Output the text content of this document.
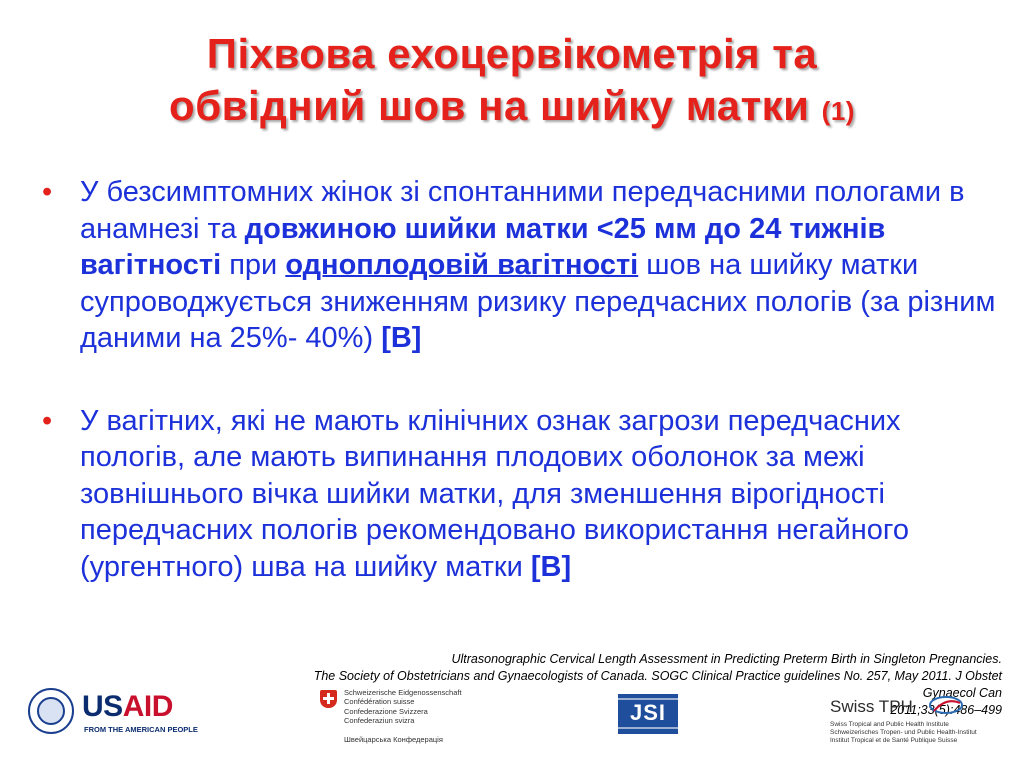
Піхвова ехоцервікометрія та
обвідний шов на шийку матки (1)
• У безсимптомних жінок зі спонтанними передчасними пологами в анамнезі та довжиною шийки матки <25 мм до 24 тижнів вагітності при одноплодовій вагітності шов на шийку матки супроводжується зниженням ризику передчасних пологів (за різним даними на 25%- 40%) [В]
• У вагітних, які не мають клінічних ознак загрози передчасних пологів, але мають випинання плодових оболонок за межі зовнішнього вічка шийки матки, для зменшення вірогідності передчасних пологів рекомендовано використання негайного (ургентного) шва на шийку матки [В]
Ultrasonographic Cervical Length Assessment in Predicting Preterm Birth in Singleton Pregnancies.
The Society of Obstetricians and Gynaecologists of Canada. SOGC Clinical Practice guidelines No. 257, May 2011. J Obstet Gynaecol Can
2011;33(5):486–499
USAID
FROM THE AMERICAN PEOPLE
Schweizerische Eidgenossenschaft
Confédération suisse
Confederazione Svizzera
Confederaziun svizra
Швейцарська Конфедерація
JSI	Swiss TPH
Swiss Tropical and Public Health Institute
Schweizerisches Tropen- und Public Health-Institut
Institut Tropical et de Santé Publique Suisse
